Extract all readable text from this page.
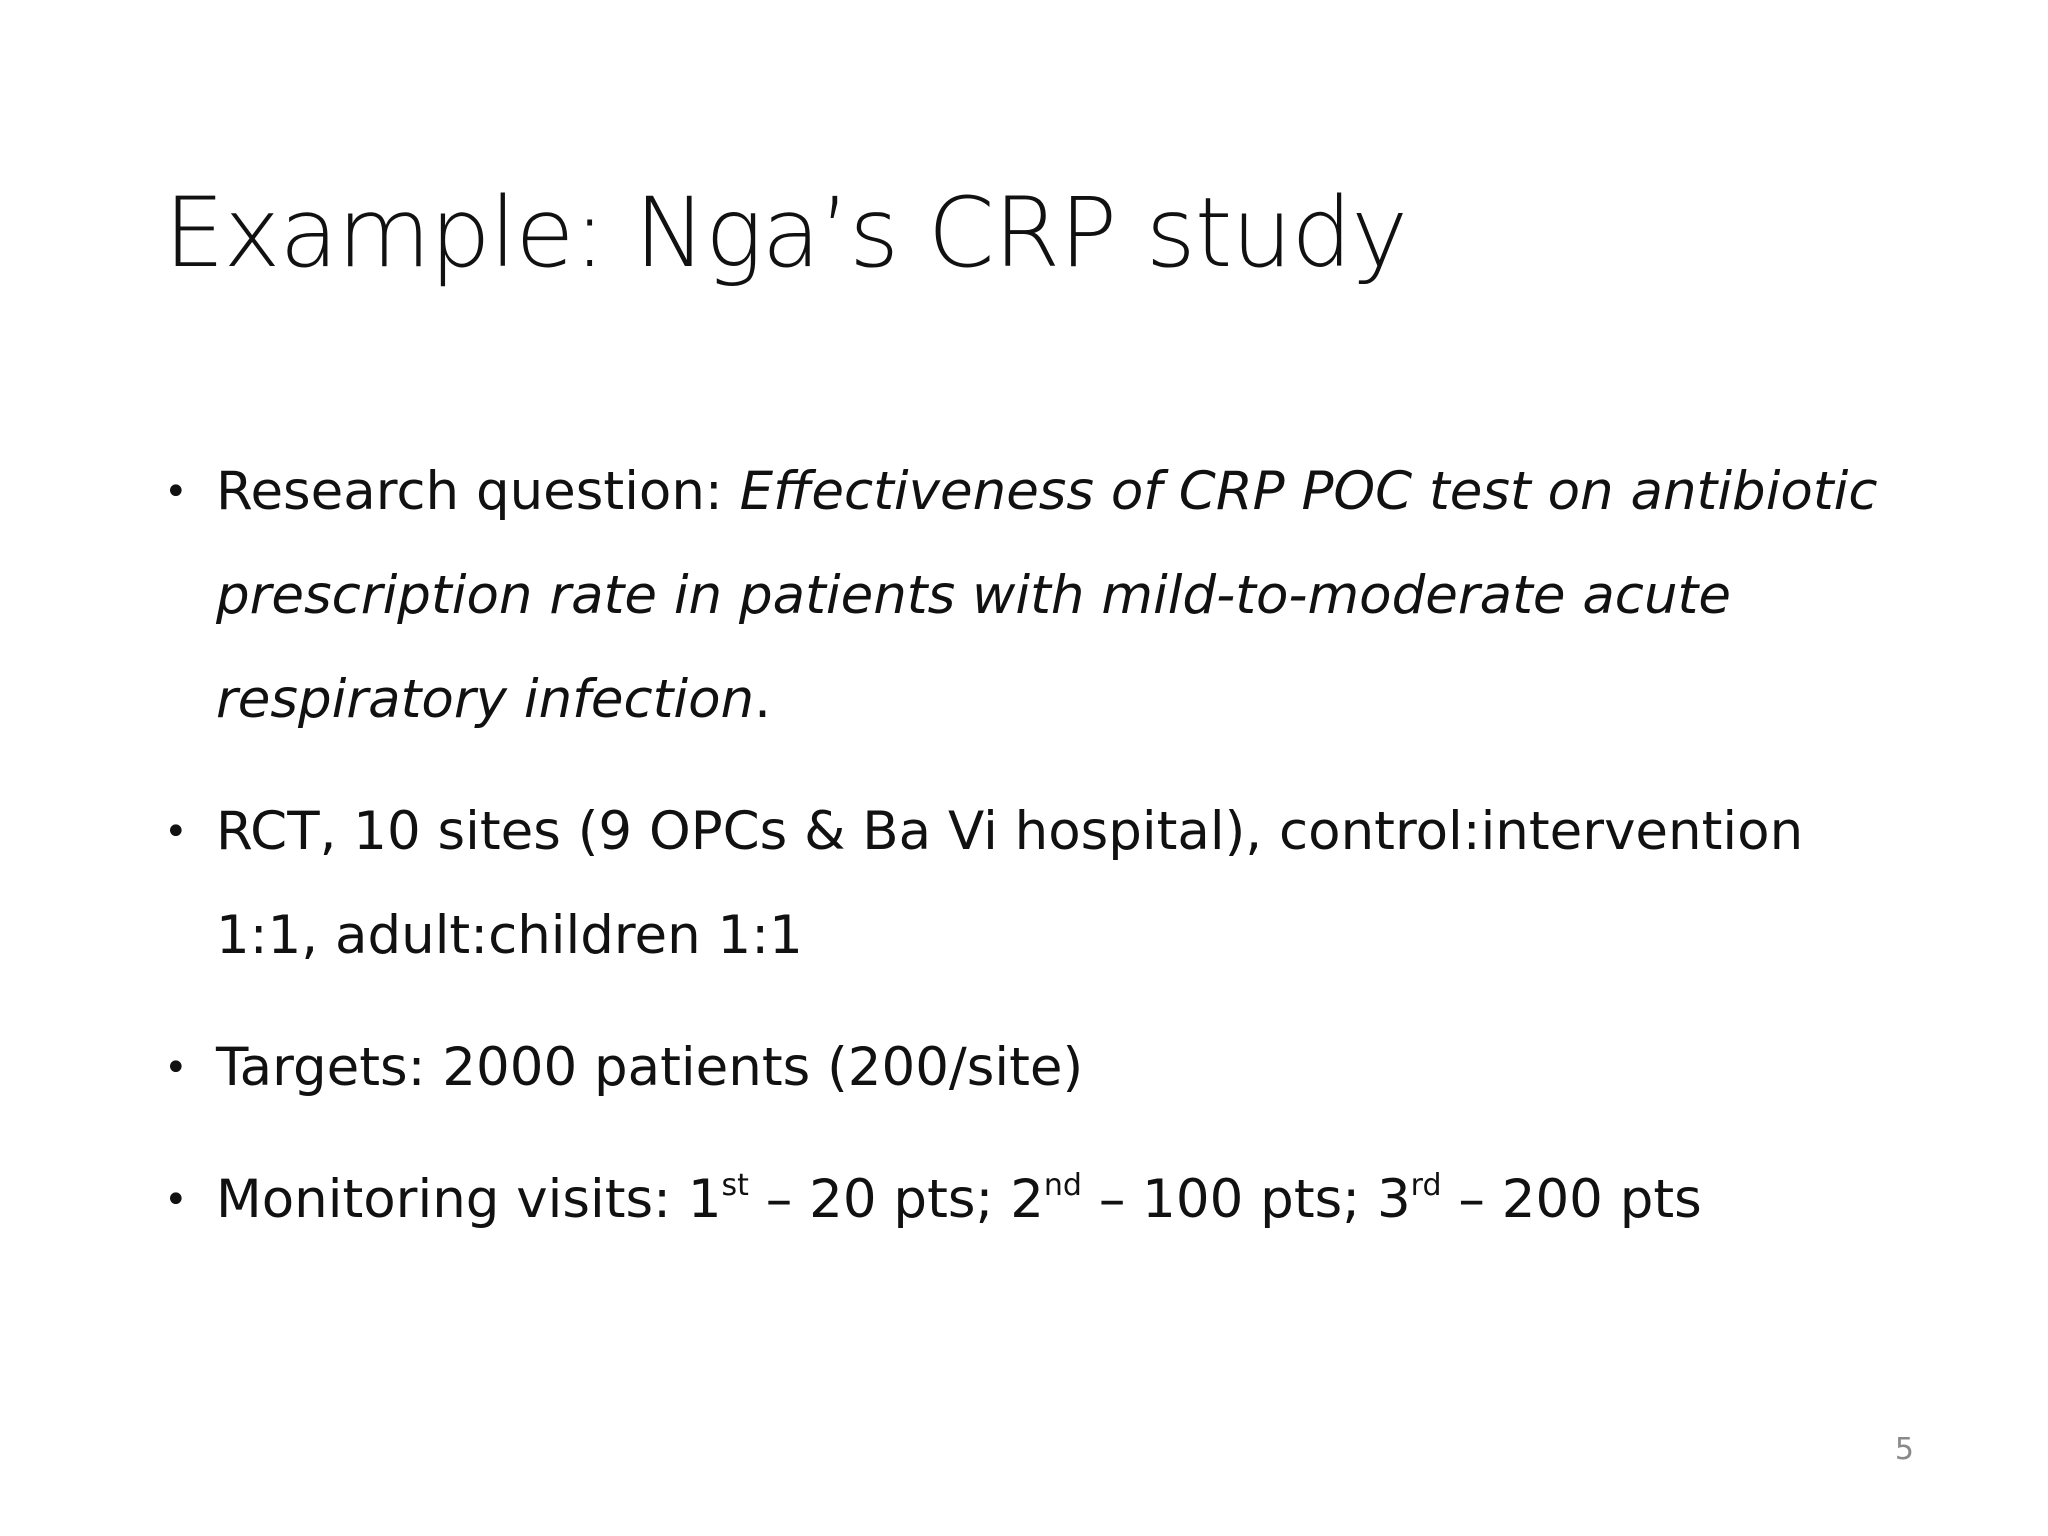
Example: Nga’s CRP study
• Research question: Effectiveness of CRP POC test on antibiotic prescription rate in patients with mild-to-moderate acute respiratory infection.
• RCT, 10 sites (9 OPCs & Ba Vi hospital), control:intervention 1:1, adult:children 1:1
• Targets: 2000 patients (200/site)
• Monitoring visits: 1st – 20 pts; 2nd – 100 pts; 3rd – 200 pts
5
